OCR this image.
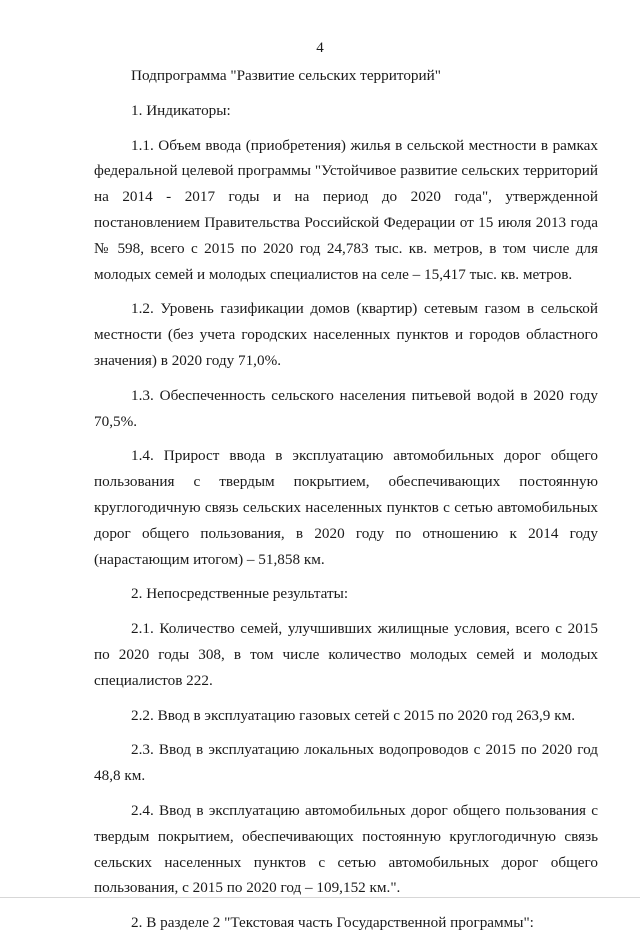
4

Подпрограмма "Развитие сельских территорий"

1. Индикаторы:

1.1. Объем ввода (приобретения) жилья в сельской местности в рамках федеральной целевой программы "Устойчивое развитие сельских территорий на 2014 - 2017 годы и на период до 2020 года", утвержденной постановлением Правительства Российской Федерации от 15 июля 2013 года № 598, всего с 2015 по 2020 год 24,783 тыс. кв. метров, в том числе для молодых семей и молодых специалистов на селе – 15,417 тыс. кв. метров.

1.2. Уровень газификации домов (квартир) сетевым газом в сельской местности (без учета городских населенных пунктов и городов областного значения) в 2020 году 71,0%.

1.3. Обеспеченность сельского населения питьевой водой в 2020 году 70,5%.

1.4. Прирост ввода в эксплуатацию автомобильных дорог общего пользования с твердым покрытием, обеспечивающих постоянную круглогодичную связь сельских населенных пунктов с сетью автомобильных дорог общего пользования, в 2020 году по отношению к 2014 году (нарастающим итогом) – 51,858 км.

2. Непосредственные результаты:

2.1. Количество семей, улучшивших жилищные условия, всего с 2015 по 2020 годы 308, в том числе количество молодых семей и молодых специалистов 222.

2.2. Ввод в эксплуатацию газовых сетей с 2015 по 2020 год 263,9 км.

2.3. Ввод в эксплуатацию локальных водопроводов с 2015 по 2020 год 48,8 км.

2.4. Ввод в эксплуатацию автомобильных дорог общего пользования с твердым покрытием, обеспечивающих постоянную круглогодичную связь сельских населенных пунктов с сетью автомобильных дорог общего пользования, с 2015 по 2020 год – 109,152 км.".

2. В разделе 2 "Текстовая часть Государственной программы":
